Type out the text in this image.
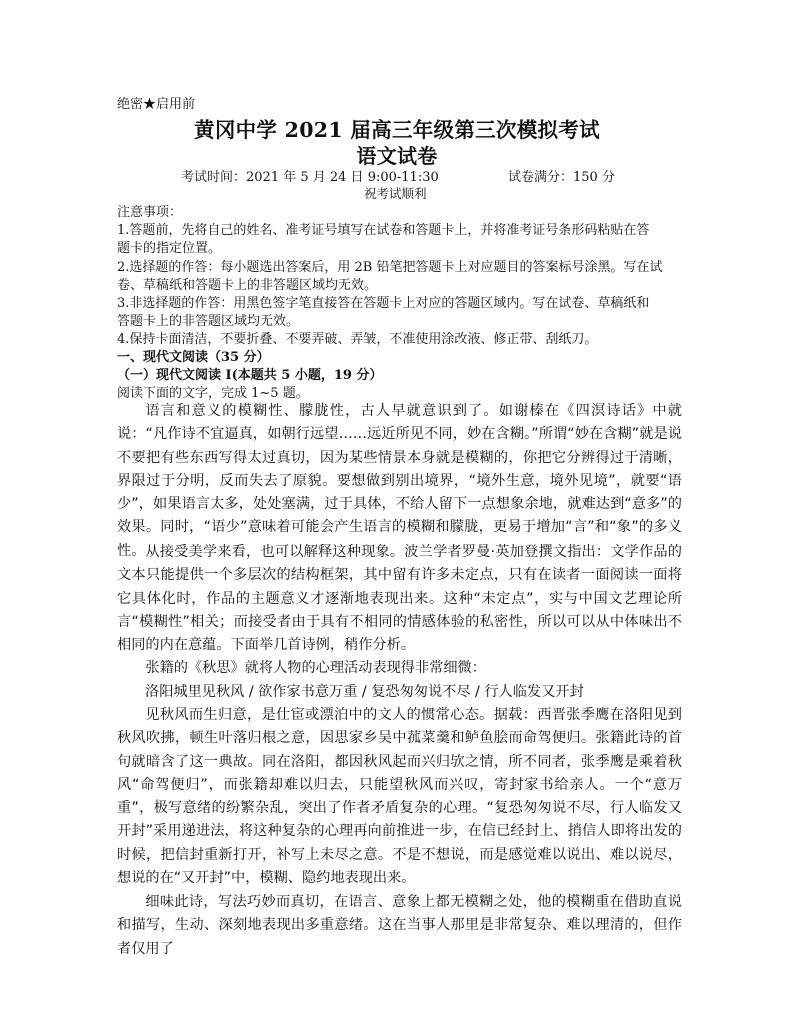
绝密★启用前
黄冈中学 2021 届高三年级第三次模拟考试
语文试卷
考试时间：2021 年 5 月 24 日 9:00-11:30	试卷满分：150 分
祝考试顺利
注意事项：
1.答题前，先将自己的姓名、准考证号填写在试卷和答题卡上，并将准考证号条形码粘贴在答
题卡的指定位置。
2.选择题的作答：每小题选出答案后，用 2B 铅笔把答题卡上对应题目的答案标号涂黑。写在试
卷、草稿纸和答题卡上的非答题区域均无效。
3.非选择题的作答：用黑色签字笔直接答在答题卡上对应的答题区域内。写在试卷、草稿纸和
答题卡上的非答题区域均无效。
4.保持卡面清洁，不要折叠、不要弄破、弄皱，不准使用涂改液、修正带、刮纸刀。
一、现代文阅读（35 分）
（一）现代文阅读 I(本题共 5 小题，19 分）
阅读下面的文字，完成 1~5 题。
语言和意义的模糊性、朦胧性，古人早就意识到了。如谢榛在《四溟诗话》中就说：“凡作诗不宜逼真，如朝行远望……远近所见不同，妙在含糊。”所谓“妙在含糊”就是说不要把有些东西写得太过真切，因为某些情景本身就是模糊的，你把它分辨得过于清晰，界限过于分明，反而失去了原貌。要想做到别出境界，“境外生意，境外见境”，就要“语少”，如果语言太多，处处塞满，过于具体，不给人留下一点想象余地，就难达到“意多”的效果。同时，“语少”意味着可能会产生语言的模糊和朦胧，更易于增加“言”和“象”的多义性。 从接受美学来看，也可以解释这种现象。波兰学者罗曼·英加登撰文指出：文学作品的文本只能提供一个多层次的结构框架，其中留有许多未定点，只有在读者一面阅读一面将它具体化时，作品的主题意义才逐渐地表现出来。这种“未定点”，实与中国文艺理论所言“模糊性”相关；而接受者由于具有不相同的情感体验的私密性，所以可以从中体味出不相同的内在意蕴。下面举几首诗例，稍作分析。
张籍的《秋思》就将人物的心理活动表现得非常细微：
洛阳城里见秋风 / 欲作家书意万重 / 复恐匆匆说不尽 / 行人临发又开封
见秋风而生归意，是仕宦或漂泊中的文人的惯常心态。据载：西晋张季鹰在洛阳见到秋风吹拂，顿生叶落归根之意，因思家乡吴中菰菜羹和鲈鱼脍而命驾便归。张籍此诗的首句就暗含了这一典故。同在洛阳，都因秋风起而兴归欤之情，所不同者，张季鹰是乘着秋风“命驾便归”，而张籍却难以归去，只能望秋风而兴叹，寄封家书给亲人。一个“意万重”，极写意绪的纷繁杂乱，突出了作者矛盾复杂的心理。“复恐匆匆说不尽，行人临发又开封”采用递进法，将这种复杂的心理再向前推进一步，在信已经封上、捎信人即将出发的时候，把信封重新打开，补写上未尽之意。不是不想说，而是感觉难以说出、难以说尽，想说的在“又开封”中，模糊、隐约地表现出来。
细味此诗，写法巧妙而真切，在语言、意象上都无模糊之处，他的模糊重在借助直说和描写，生动、深刻地表现出多重意绪。这在当事人那里是非常复杂、难以理清的，但作者仅用了
